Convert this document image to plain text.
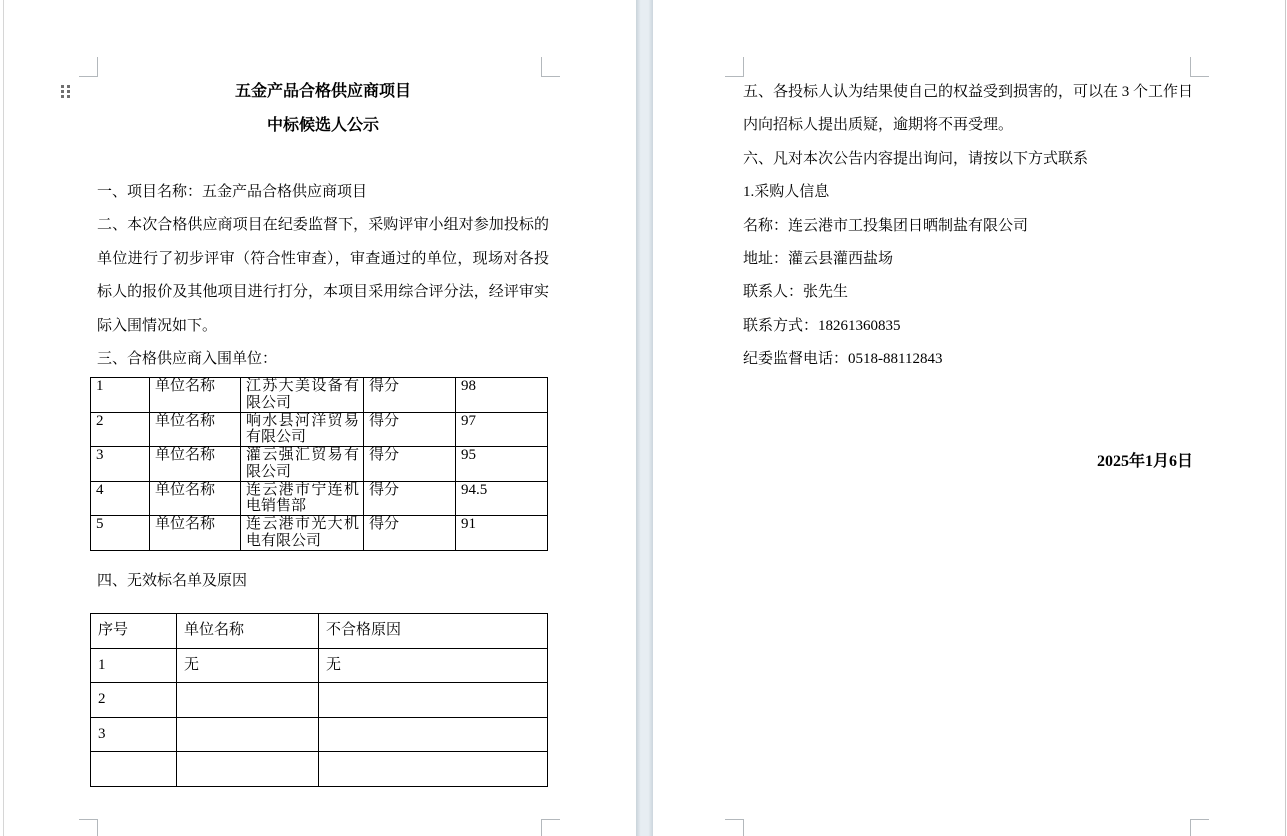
五金产品合格供应商项目
中标候选人公示

一、项目名称：五金产品合格供应商项目

二、本次合格供应商项目在纪委监督下，采购评审小组对参加投标的单位进行了初步评审（符合性审查），审查通过的单位，现场对各投标人的报价及其他项目进行打分，本项目采用综合评分法，经评审实际入围情况如下。

三、合格供应商入围单位：

1	单位名称	江苏大美设备有限公司	得分	98
2	单位名称	响水县河洋贸易有限公司	得分	97
3	单位名称	灌云强汇贸易有限公司	得分	95
4	单位名称	连云港市宁连机电销售部	得分	94.5
5	单位名称	连云港市光大机电有限公司	得分	91
四、无效标名单及原因
序号	单位名称	不合格原因
1	无	无
2		
3		

五、各投标人认为结果使自己的权益受到损害的，可以在 3 个工作日内向招标人提出质疑，逾期将不再受理。

六、凡对本次公告内容提出询问，请按以下方式联系

1.采购人信息

名称：连云港市工投集团日晒制盐有限公司

地址：灌云县灌西盐场

联系人：张先生

联系方式：18261360835

纪委监督电话：0518-88112843

2025年1月6日
